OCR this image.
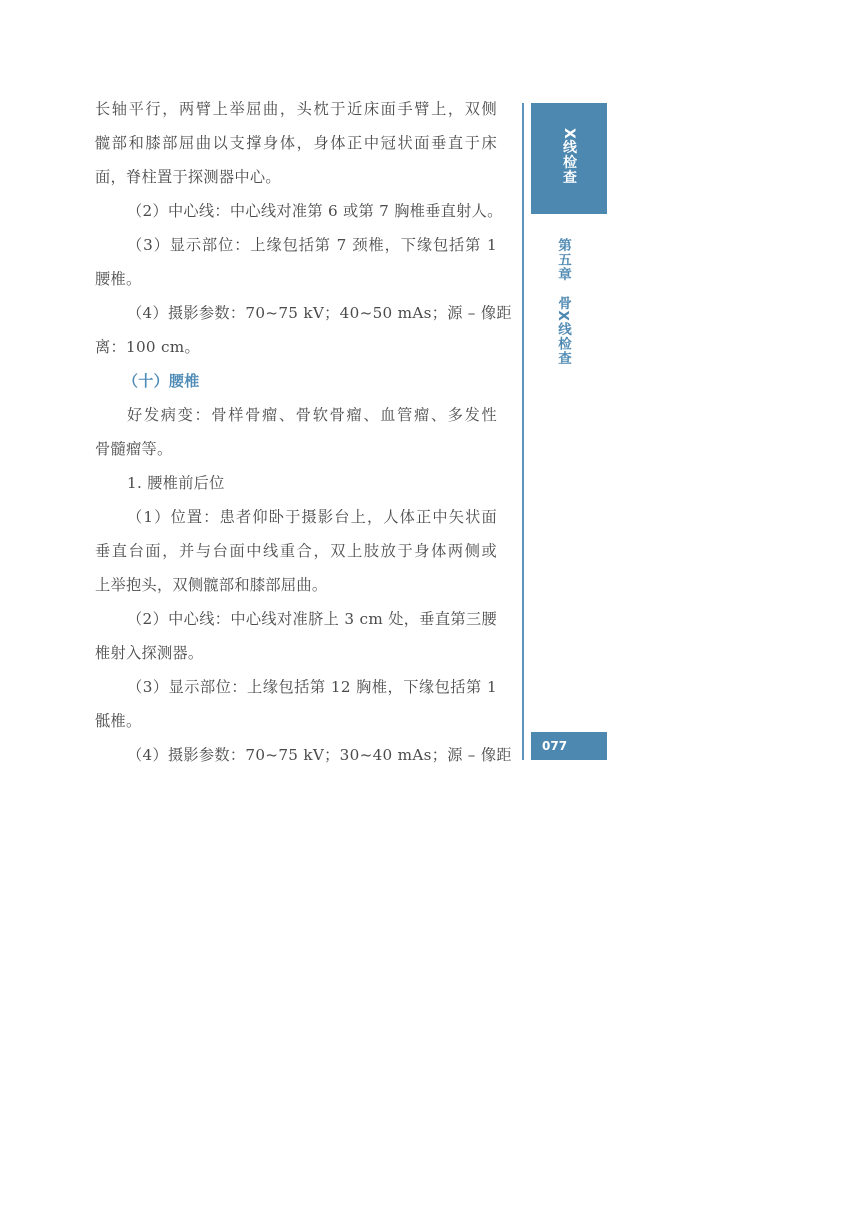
长轴平行，两臂上举屈曲，头枕于近床面手臂上，双侧
髋部和膝部屈曲以支撑身体，身体正中冠状面垂直于床
面，脊柱置于探测器中心。
（2）中心线：中心线对准第 6 或第 7 胸椎垂直射人。
（3）显示部位：上缘包括第 7 颈椎，下缘包括第 1
腰椎。
（4）摄影参数：70~75 kV；40~50 mAs；源 – 像距
离：100 cm。
（十）腰椎
好发病变：骨样骨瘤、骨软骨瘤、血管瘤、多发性
骨髓瘤等。
1. 腰椎前后位
（1）位置：患者仰卧于摄影台上，人体正中矢状面
垂直台面，并与台面中线重合，双上肢放于身体两侧或
上举抱头，双侧髋部和膝部屈曲。
（2）中心线：中心线对准脐上 3 cm 处，垂直第三腰
椎射入探测器。
（3）显示部位：上缘包括第 12 胸椎，下缘包括第 1
骶椎。
（4）摄影参数：70~75 kV；30~40 mAs；源 – 像距
X线检查
第五章　骨X线检查
077
